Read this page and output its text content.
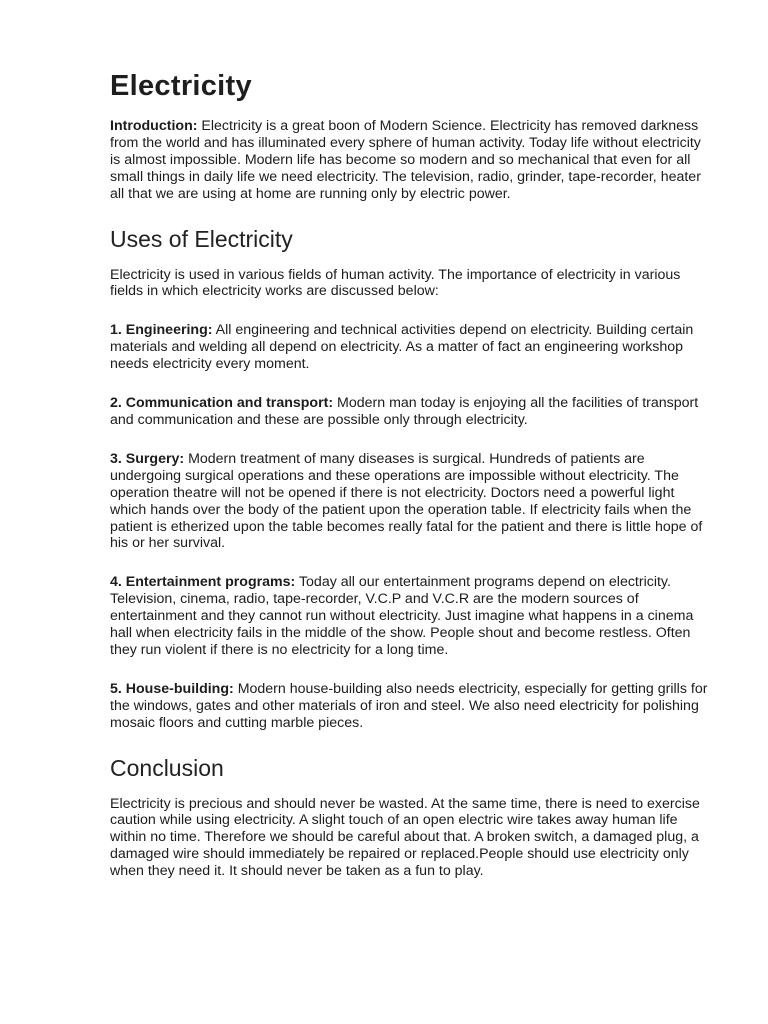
Electricity

Introduction: Electricity is a great boon of Modern Science. Electricity has removed darkness from the world and has illuminated every sphere of human activity. Today life without electricity is almost impossible. Modern life has become so modern and so mechanical that even for all small things in daily life we need electricity. The television, radio, grinder, tape-recorder, heater all that we are using at home are running only by electric power.

Uses of Electricity

Electricity is used in various fields of human activity. The importance of electricity in various fields in which electricity works are discussed below:

1. Engineering: All engineering and technical activities depend on electricity. Building certain materials and welding all depend on electricity. As a matter of fact an engineering workshop needs electricity every moment.

2. Communication and transport: Modern man today is enjoying all the facilities of transport and communication and these are possible only through electricity.

3. Surgery: Modern treatment of many diseases is surgical. Hundreds of patients are undergoing surgical operations and these operations are impossible without electricity. The operation theatre will not be opened if there is not electricity. Doctors need a powerful light which hands over the body of the patient upon the operation table. If electricity fails when the patient is etherized upon the table becomes really fatal for the patient and there is little hope of his or her survival.

4. Entertainment programs: Today all our entertainment programs depend on electricity. Television, cinema, radio, tape-recorder, V.C.P and V.C.R are the modern sources of entertainment and they cannot run without electricity. Just imagine what happens in a cinema hall when electricity fails in the middle of the show. People shout and become restless. Often they run violent if there is no electricity for a long time.

5. House-building: Modern house-building also needs electricity, especially for getting grills for the windows, gates and other materials of iron and steel. We also need electricity for polishing mosaic floors and cutting marble pieces.

Conclusion

Electricity is precious and should never be wasted. At the same time, there is need to exercise caution while using electricity. A slight touch of an open electric wire takes away human life within no time. Therefore we should be careful about that. A broken switch, a damaged plug, a damaged wire should immediately be repaired or replaced.People should use electricity only when they need it. It should never be taken as a fun to play.
